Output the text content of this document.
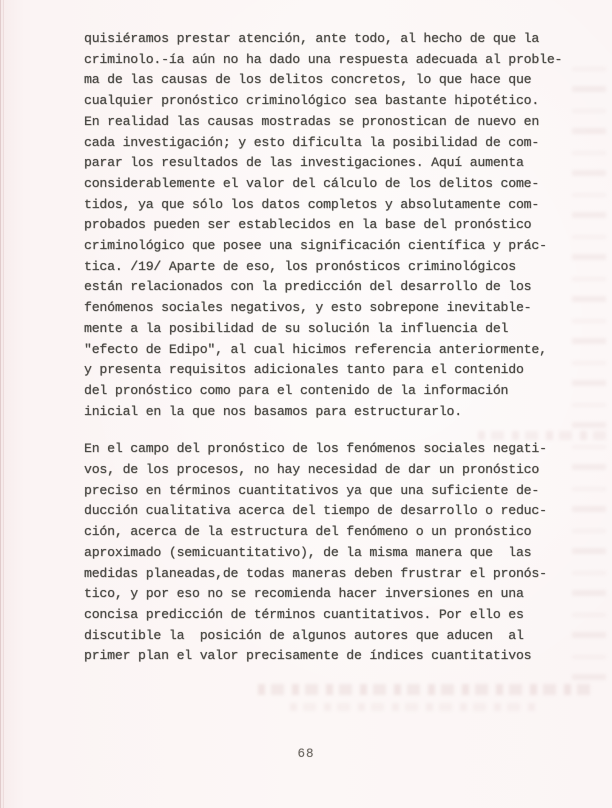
quisiéramos prestar atención, ante todo, al hecho de que la
criminolo.-ía aún no ha dado una respuesta adecuada al proble-
ma de las causas de los delitos concretos, lo que hace que
cualquier pronóstico criminológico sea bastante hipotético.
En realidad las causas mostradas se pronostican de nuevo en
cada investigación; y esto dificulta la posibilidad de com-
parar los resultados de las investigaciones. Aquí aumenta
considerablemente el valor del cálculo de los delitos come-
tidos, ya que sólo los datos completos y absolutamente com-
probados pueden ser establecidos en la base del pronóstico
criminológico que posee una significación científica y prác-
tica. /19/ Aparte de eso, los pronósticos criminológicos
están relacionados con la predicción del desarrollo de los
fenómenos sociales negativos, y esto sobrepone inevitable-
mente a la posibilidad de su solución la influencia del
"efecto de Edipo", al cual hicimos referencia anteriormente,
y presenta requisitos adicionales tanto para el contenido
del pronóstico como para el contenido de la información
inicial en la que nos basamos para estructurarlo.
En el campo del pronóstico de los fenómenos sociales negati-
vos, de los procesos, no hay necesidad de dar un pronóstico
preciso en términos cuantitativos ya que una suficiente de-
ducción cualitativa acerca del tiempo de desarrollo o reduc-
ción, acerca de la estructura del fenómeno o un pronóstico
aproximado (semicuantitativo), de la misma manera que  las
medidas planeadas,de todas maneras deben frustrar el pronós-
tico, y por eso no se recomienda hacer inversiones en una
concisa predicción de términos cuantitativos. Por ello es
discutible la  posición de algunos autores que aducen  al
primer plan el valor precisamente de índices cuantitativos
68
